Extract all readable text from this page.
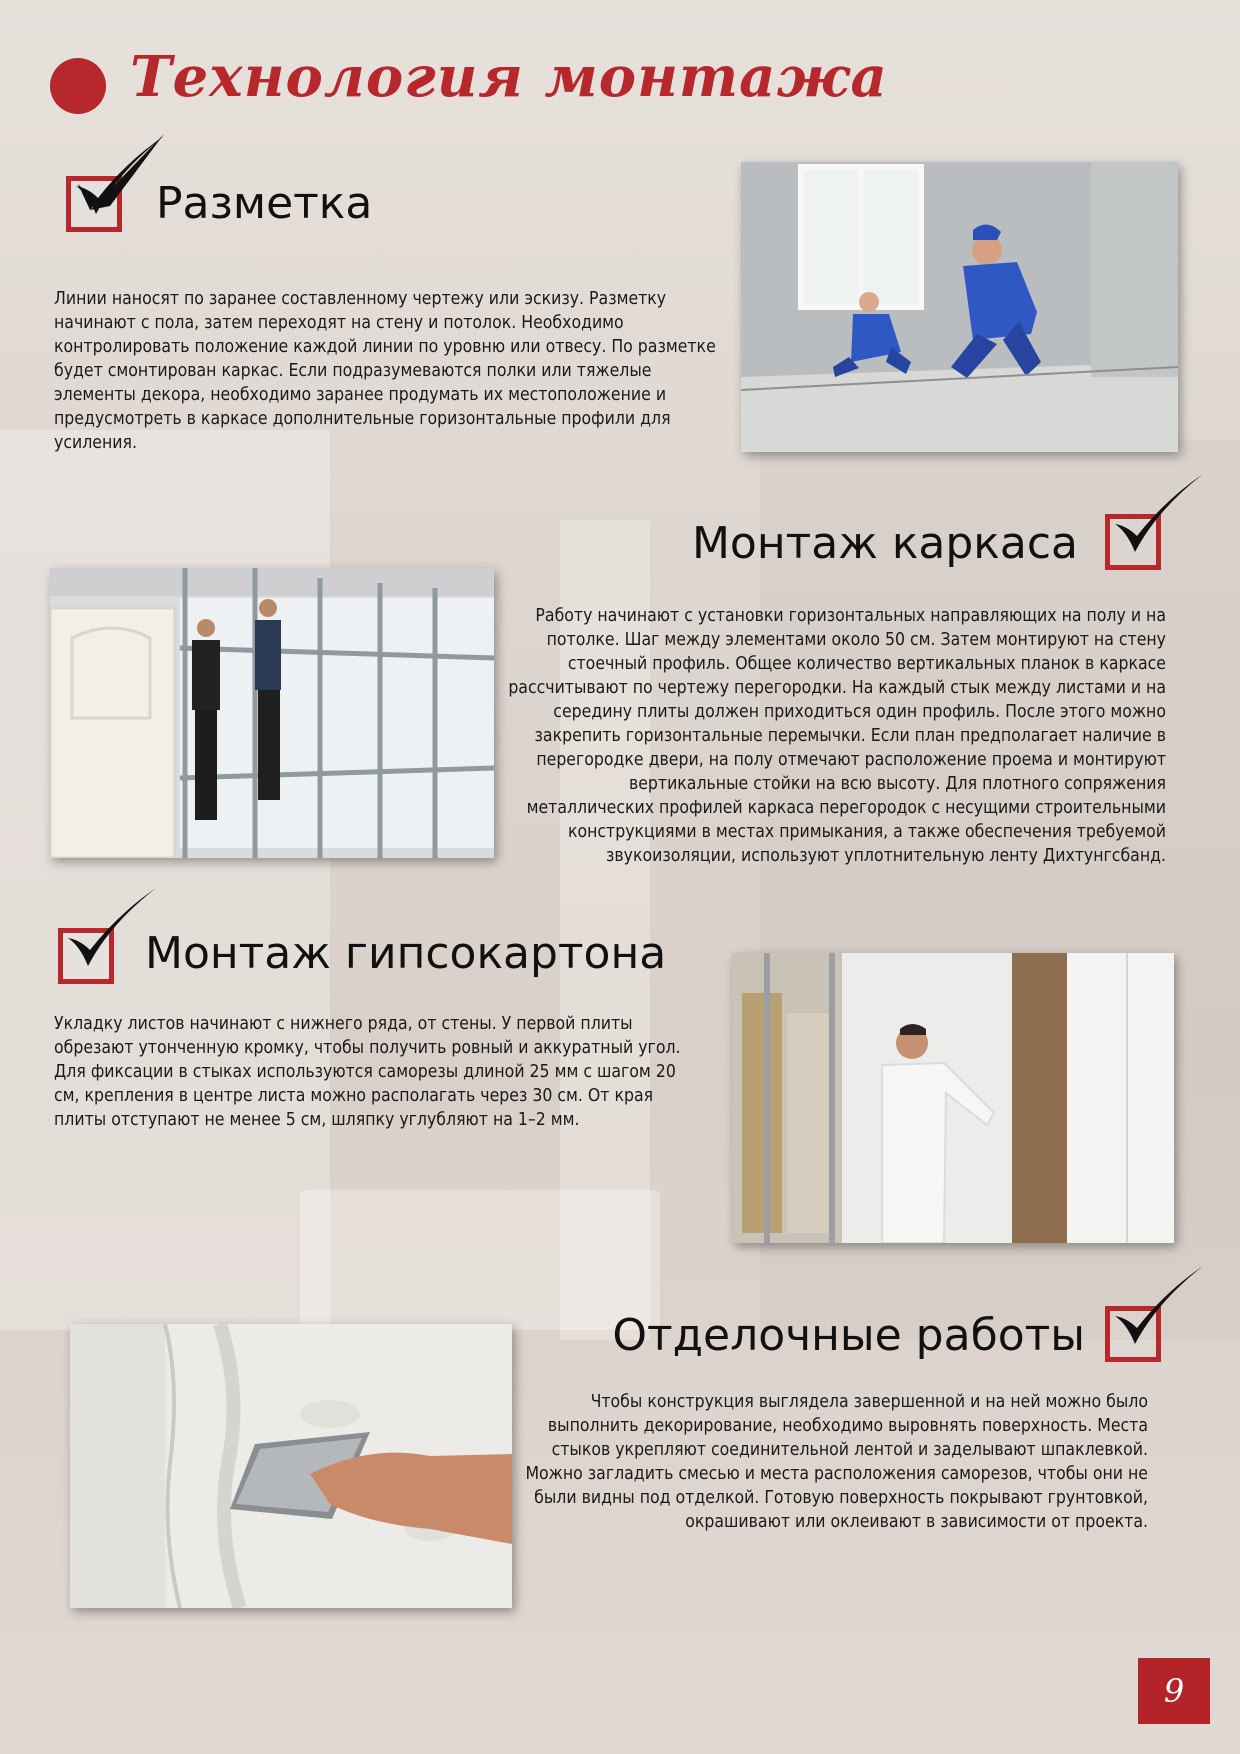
Технология монтажа
Разметка

Линии наносят по заранее составленному чертежу или эскизу. Разметку начинают с пола, затем переходят на стену и потолок. Необходимо контролировать положение каждой линии по уровню или отвесу. По разметке будет смонтирован каркас. Если подразумеваются полки или тяжелые элементы декора, необходимо заранее продумать их местоположение и предусмотреть в каркасе дополнительные горизонтальные профили для усиления.

Монтаж каркаса

Работу начинают с установки горизонтальных направляющих на полу и на потолке. Шаг между элементами около 50 см. Затем монтируют на стену стоечный профиль. Общее количество вертикальных планок в каркасе рассчитывают по чертежу перегородки. На каждый стык между листами и на середину плиты должен приходиться один профиль. После этого можно закрепить горизонтальные перемычки. Если план предполагает наличие в перегородке двери, на полу отмечают расположение проема и монтируют вертикальные стойки на всю высоту. Для плотного сопряжения металлических профилей каркаса перегородок с несущими строительными конструкциями в местах примыкания, а также обеспечения требуемой звукоизоляции, используют уплотнительную ленту Дихтунгсбанд.

Монтаж гипсокартона

Укладку листов начинают с нижнего ряда, от стены. У первой плиты обрезают утонченную кромку, чтобы получить ровный и аккуратный угол. Для фиксации в стыках используются саморезы длиной 25 мм с шагом 20 см, крепления в центре листа можно располагать через 30 см. От края плиты отступают не менее 5 см, шляпку углубляют на 1–2 мм.

Отделочные работы

Чтобы конструкция выглядела завершенной и на ней можно было выполнить декорирование, необходимо выровнять поверхность. Места стыков укрепляют соединительной лентой и заделывают шпаклевкой. Можно загладить смесью и места расположения саморезов, чтобы они не были видны под отделкой. Готовую поверхность покрывают грунтовкой, окрашивают или оклеивают в зависимости от проекта.

9
